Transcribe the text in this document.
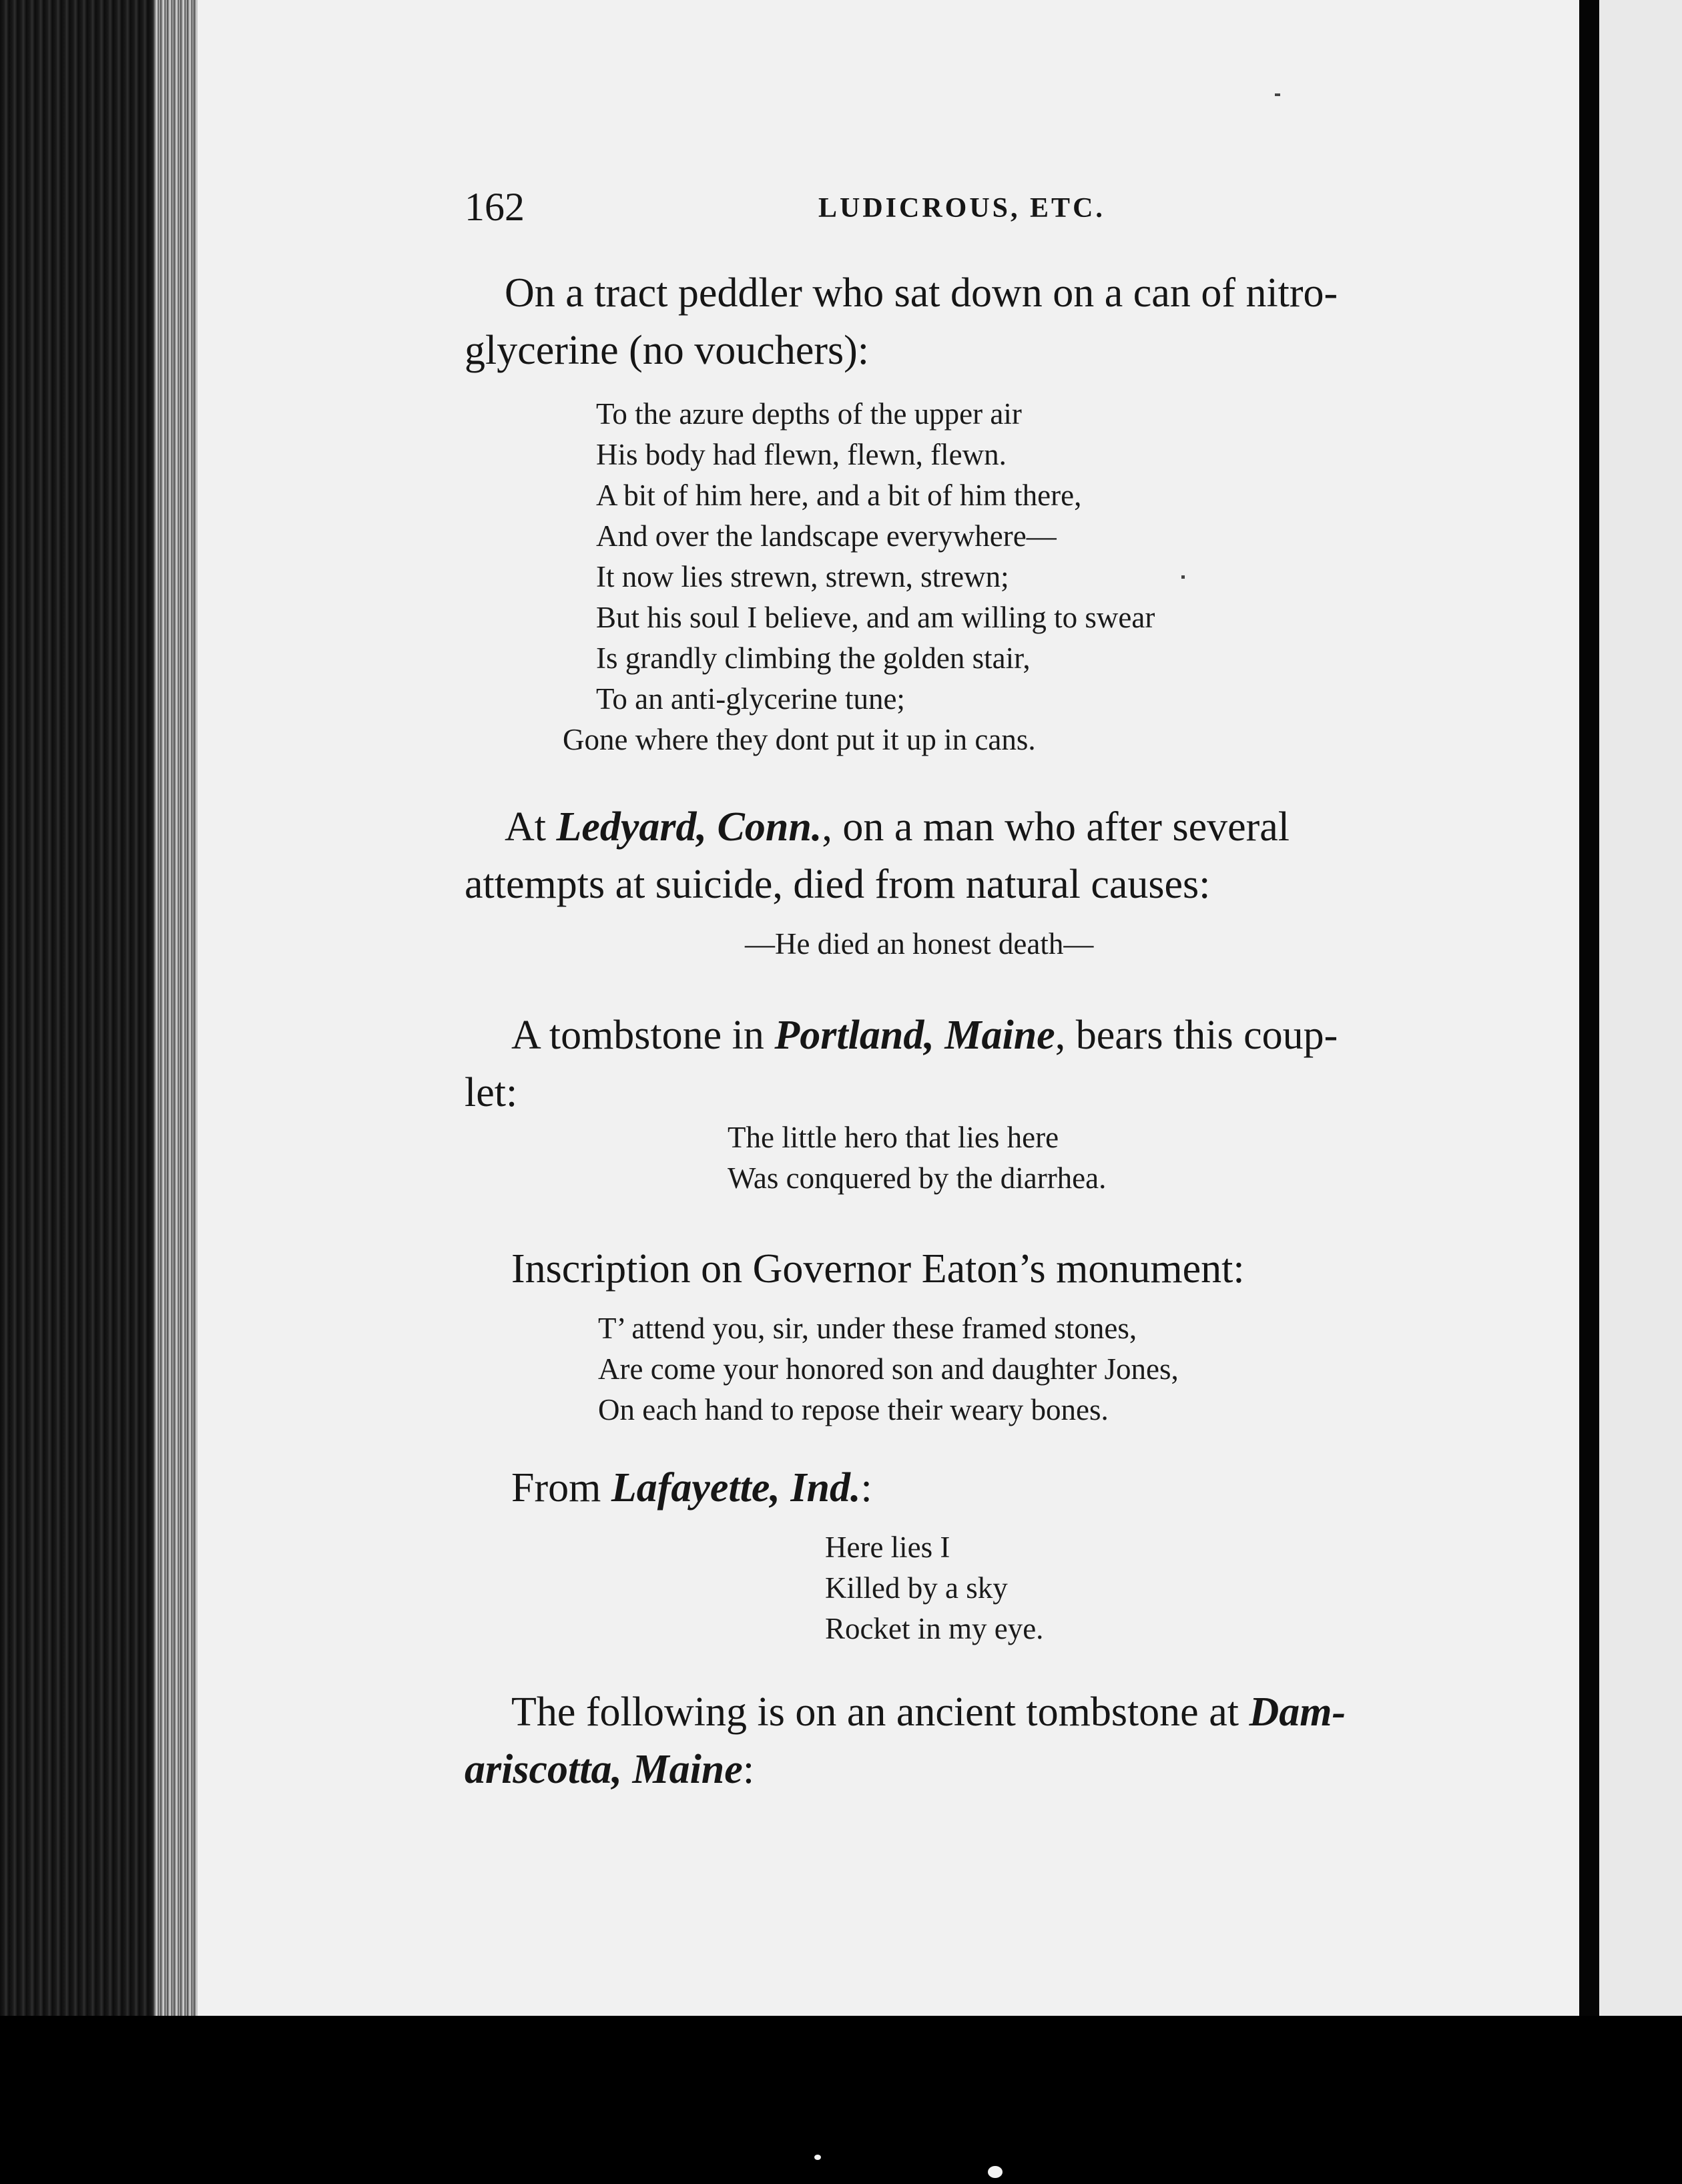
162	LUDICROUS, ETC.
On a tract peddler who sat down on a can of nitro-
glycerine (no vouchers):
To the azure depths of the upper air
His body had flewn, flewn, flewn.
A bit of him here, and a bit of him there,
And over the landscape everywhere—
It now lies strewn, strewn, strewn;
But his soul I believe, and am willing to swear
Is grandly climbing the golden stair,
To an anti-glycerine tune;
Gone where they dont put it up in cans.
At Ledyard, Conn., on a man who after several
attempts at suicide, died from natural causes:
—He died an honest death—
A tombstone in Portland, Maine, bears this coup-
let:
The little hero that lies here
Was conquered by the diarrhea.
Inscription on Governor Eaton’s monument:
T’ attend you, sir, under these framed stones,
Are come your honored son and daughter Jones,
On each hand to repose their weary bones.
From Lafayette, Ind.:
Here lies I
Killed by a sky
Rocket in my eye.
The following is on an ancient tombstone at Dam-
ariscotta, Maine:
